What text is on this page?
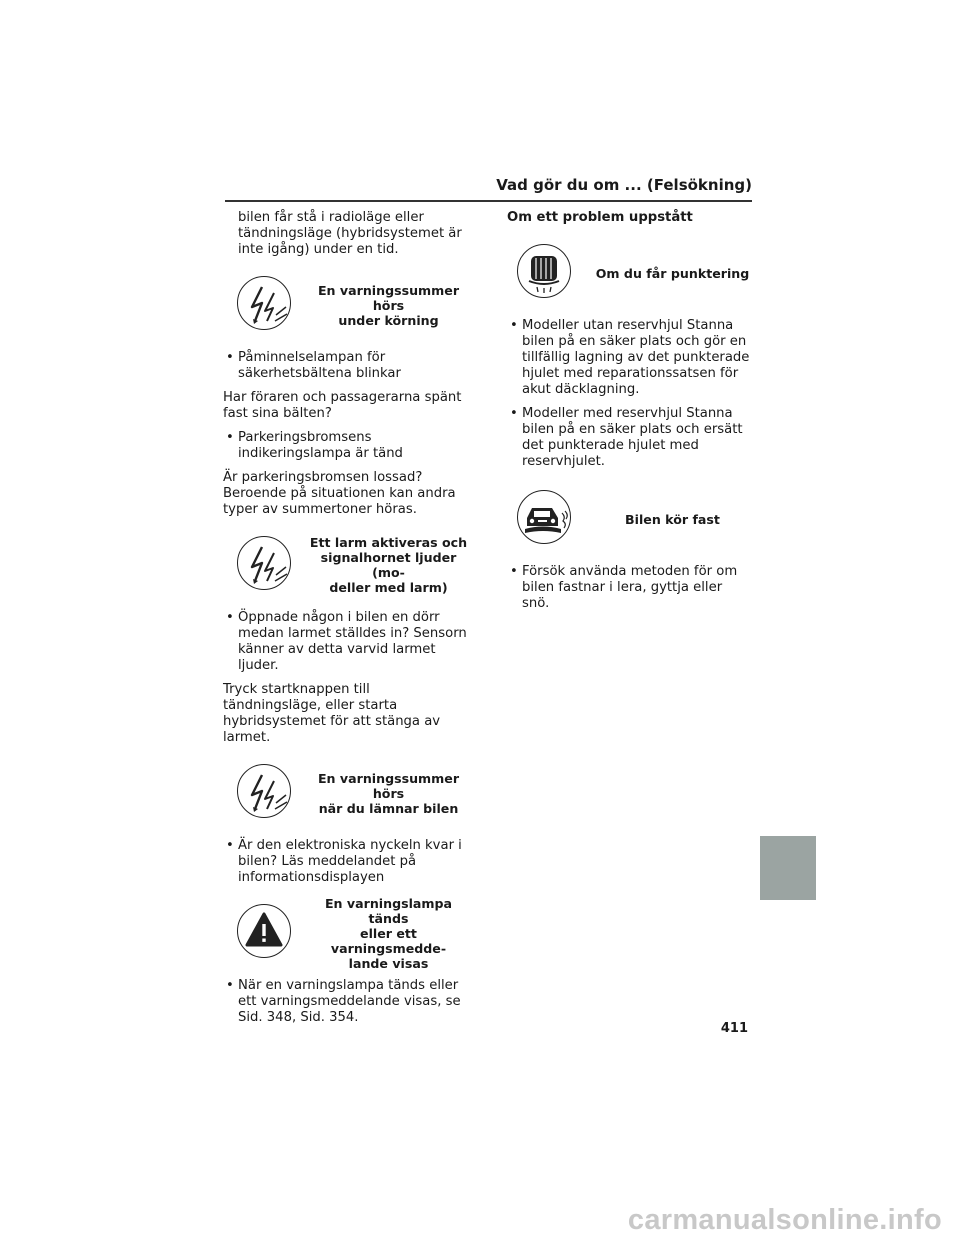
Vad gör du om ... (Felsökning)

bilen får stå i radioläge eller tändningsläge (hybridsystemet är inte igång) under en tid.

En varningssummer hörs
under körning

• Påminnelselampan för säkerhetsbältena blinkar

Har föraren och passagerarna spänt fast sina bälten?

• Parkeringsbromsens indikeringslampa är tänd

Är parkeringsbromsen lossad? Beroende på situationen kan andra typer av summertoner höras.

Ett larm aktiveras och
signalhornet ljuder (mo-
deller med larm)

• Öppnade någon i bilen en dörr medan larmet ställdes in? Sensorn känner av detta varvid larmet ljuder.

Tryck startknappen till tändningsläge, eller starta hybridsystemet för att stänga av larmet.

En varningssummer hörs
när du lämnar bilen

• Är den elektroniska nyckeln kvar i bilen? Läs meddelandet på informationsdisplayen

En varningslampa tänds
eller ett varningsmedde-
lande visas

• När en varningslampa tänds eller ett varningsmeddelande visas, se Sid. 348, Sid. 354.

Om ett problem uppstått

Om du får punktering

• Modeller utan reservhjul Stanna bilen på en säker plats och gör en tillfällig lagning av det punkterade hjulet med reparationssatsen för akut däcklagning.

• Modeller med reservhjul Stanna bilen på en säker plats och ersätt det punkterade hjulet med reservhjulet.

Bilen kör fast

• Försök använda metoden för om bilen fastnar i lera, gyttja eller snö.

411
carmanualsonline.info
